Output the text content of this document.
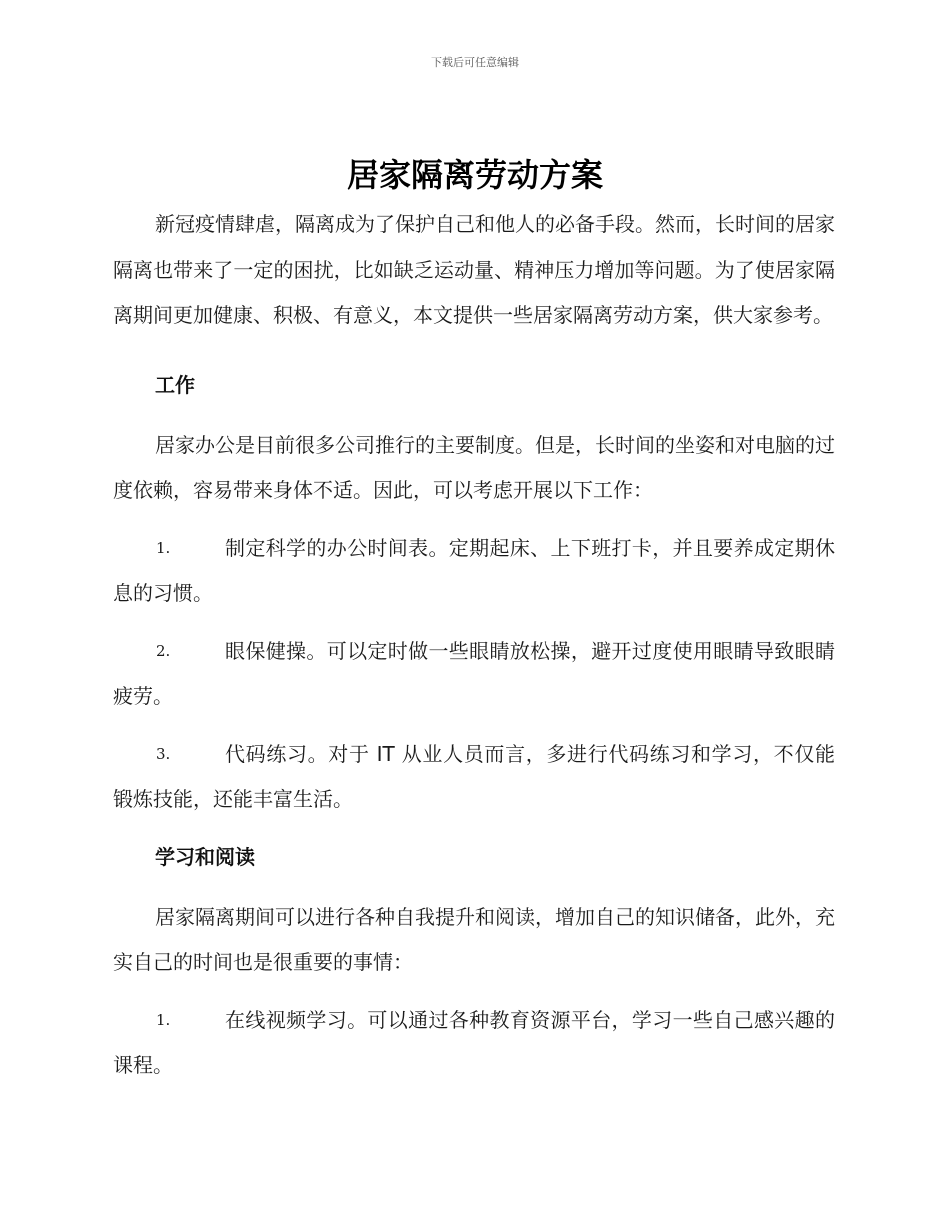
下载后可任意编辑
居家隔离劳动方案

新冠疫情肆虐，隔离成为了保护自己和他人的必备手段。然而，长时间的居家隔离也带来了一定的困扰，比如缺乏运动量、精神压力增加等问题。为了使居家隔离期间更加健康、积极、有意义，本文提供一些居家隔离劳动方案，供大家参考。

工作

居家办公是目前很多公司推行的主要制度。但是，长时间的坐姿和对电脑的过度依赖，容易带来身体不适。因此，可以考虑开展以下工作：

1.	制定科学的办公时间表。定期起床、上下班打卡，并且要养成定期休息的习惯。

2.	眼保健操。可以定时做一些眼睛放松操，避开过度使用眼睛导致眼睛疲劳。

3.	代码练习。对于 IT 从业人员而言，多进行代码练习和学习，不仅能锻炼技能，还能丰富生活。

学习和阅读

居家隔离期间可以进行各种自我提升和阅读，增加自己的知识储备，此外，充实自己的时间也是很重要的事情：

1.	在线视频学习。可以通过各种教育资源平台，学习一些自己感兴趣的课程。
